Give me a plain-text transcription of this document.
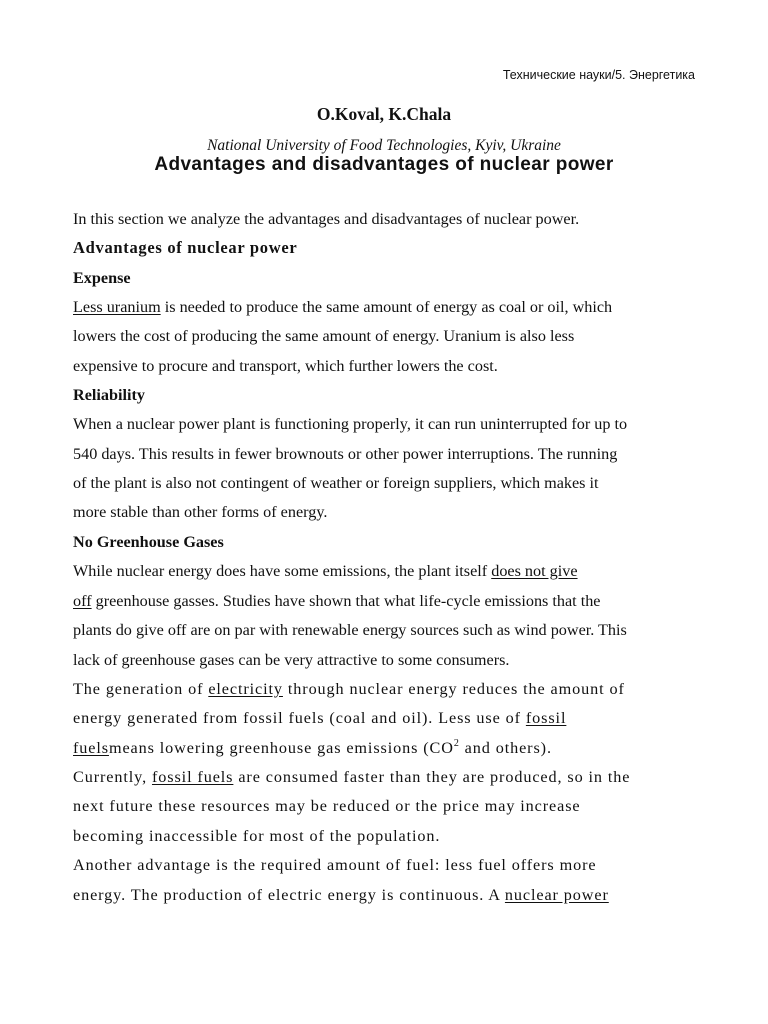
Технические науки/5. Энергетика
O.Koval, K.Chala
National University of Food Technologies, Kyiv, Ukraine
Advantages and disadvantages of nuclear power
In this section we analyze the advantages and disadvantages of nuclear power.
Advantages of nuclear power
Expense
Less uranium is needed to produce the same amount of energy as coal or oil, which
lowers the cost of producing the same amount of energy. Uranium is also less
expensive to procure and transport, which further lowers the cost.
Reliability
When a nuclear power plant is functioning properly, it can run uninterrupted for up to
540 days. This results in fewer brownouts or other power interruptions. The running
of the plant is also not contingent of weather or foreign suppliers, which makes it
more stable than other forms of energy.
No Greenhouse Gases
While nuclear energy does have some emissions, the plant itself does not give
off greenhouse gasses. Studies have shown that what life-cycle emissions that the
plants do give off are on par with renewable energy sources such as wind power. This
lack of greenhouse gases can be very attractive to some consumers.
The generation of electricity through nuclear energy reduces the amount of
energy generated from fossil fuels (coal and oil). Less use of fossil
fuelsmeans lowering greenhouse gas emissions ($CO^2$ and others).
Currently, fossil fuels are consumed faster than they are produced, so in the
next future these resources may be reduced or the price may increase
becoming inaccessible for most of the population.
Another advantage is the required amount of fuel: less fuel offers more
energy. The production of electric energy is continuous. A nuclear power
